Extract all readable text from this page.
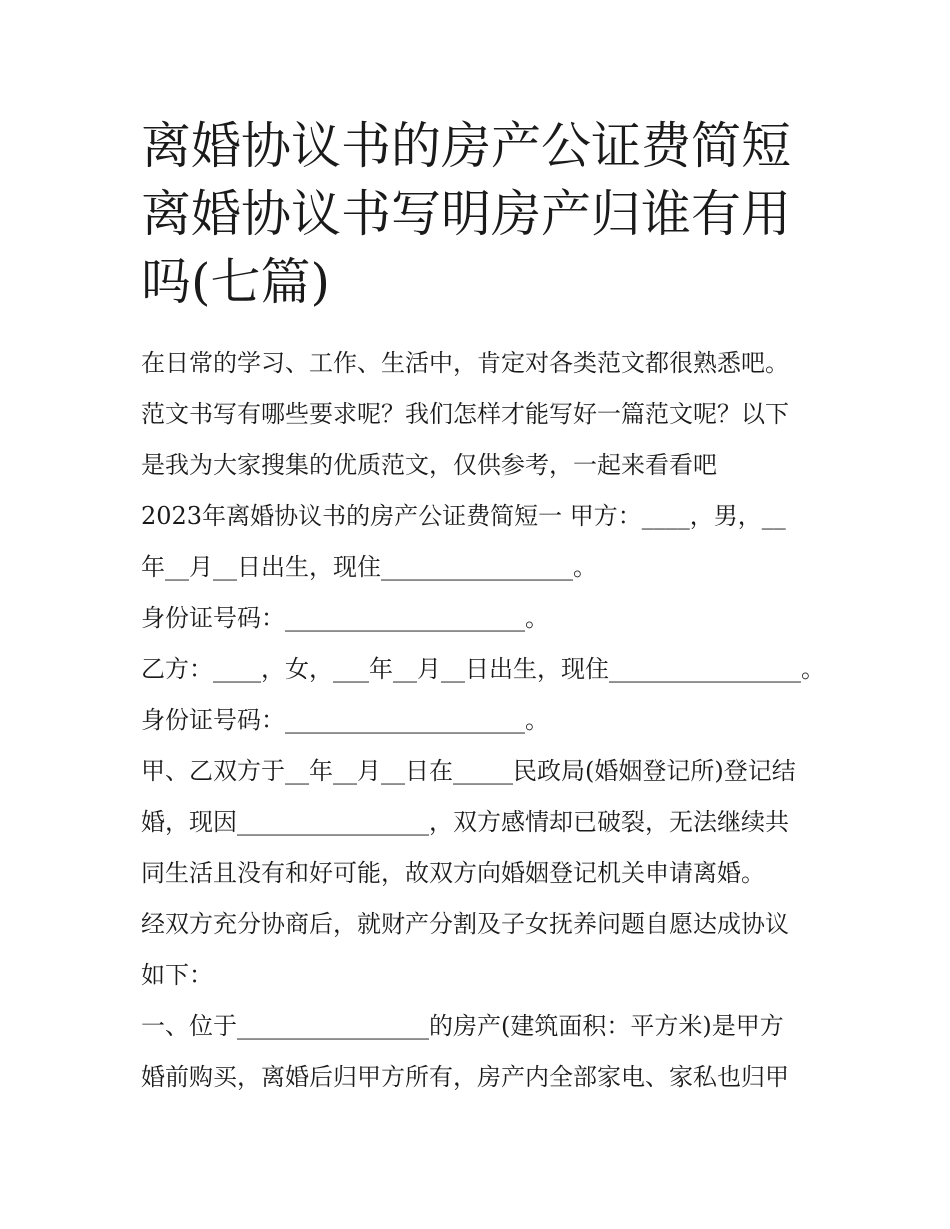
离婚协议书的房产公证费简短
离婚协议书写明房产归谁有用
吗(七篇)

在日常的学习、工作、生活中，肯定对各类范文都很熟悉吧。

范文书写有哪些要求呢？我们怎样才能写好一篇范文呢？以下

是我为大家搜集的优质范文，仅供参考，一起来看看吧

2023年离婚协议书的房产公证费简短一 甲方：____，男，__

年__月__日出生，现住________________。

身份证号码：____________________。

乙方：____，女，___年__月__日出生，现住________________。

身份证号码：____________________。

甲、乙双方于__年__月__日在_____民政局(婚姻登记所)登记结

婚，现因________________，双方感情却已破裂，无法继续共

同生活且没有和好可能，故双方向婚姻登记机关申请离婚。

经双方充分协商后，就财产分割及子女抚养问题自愿达成协议

如下：

一、位于________________的房产(建筑面积：平方米)是甲方

婚前购买，离婚后归甲方所有，房产内全部家电、家私也归甲
